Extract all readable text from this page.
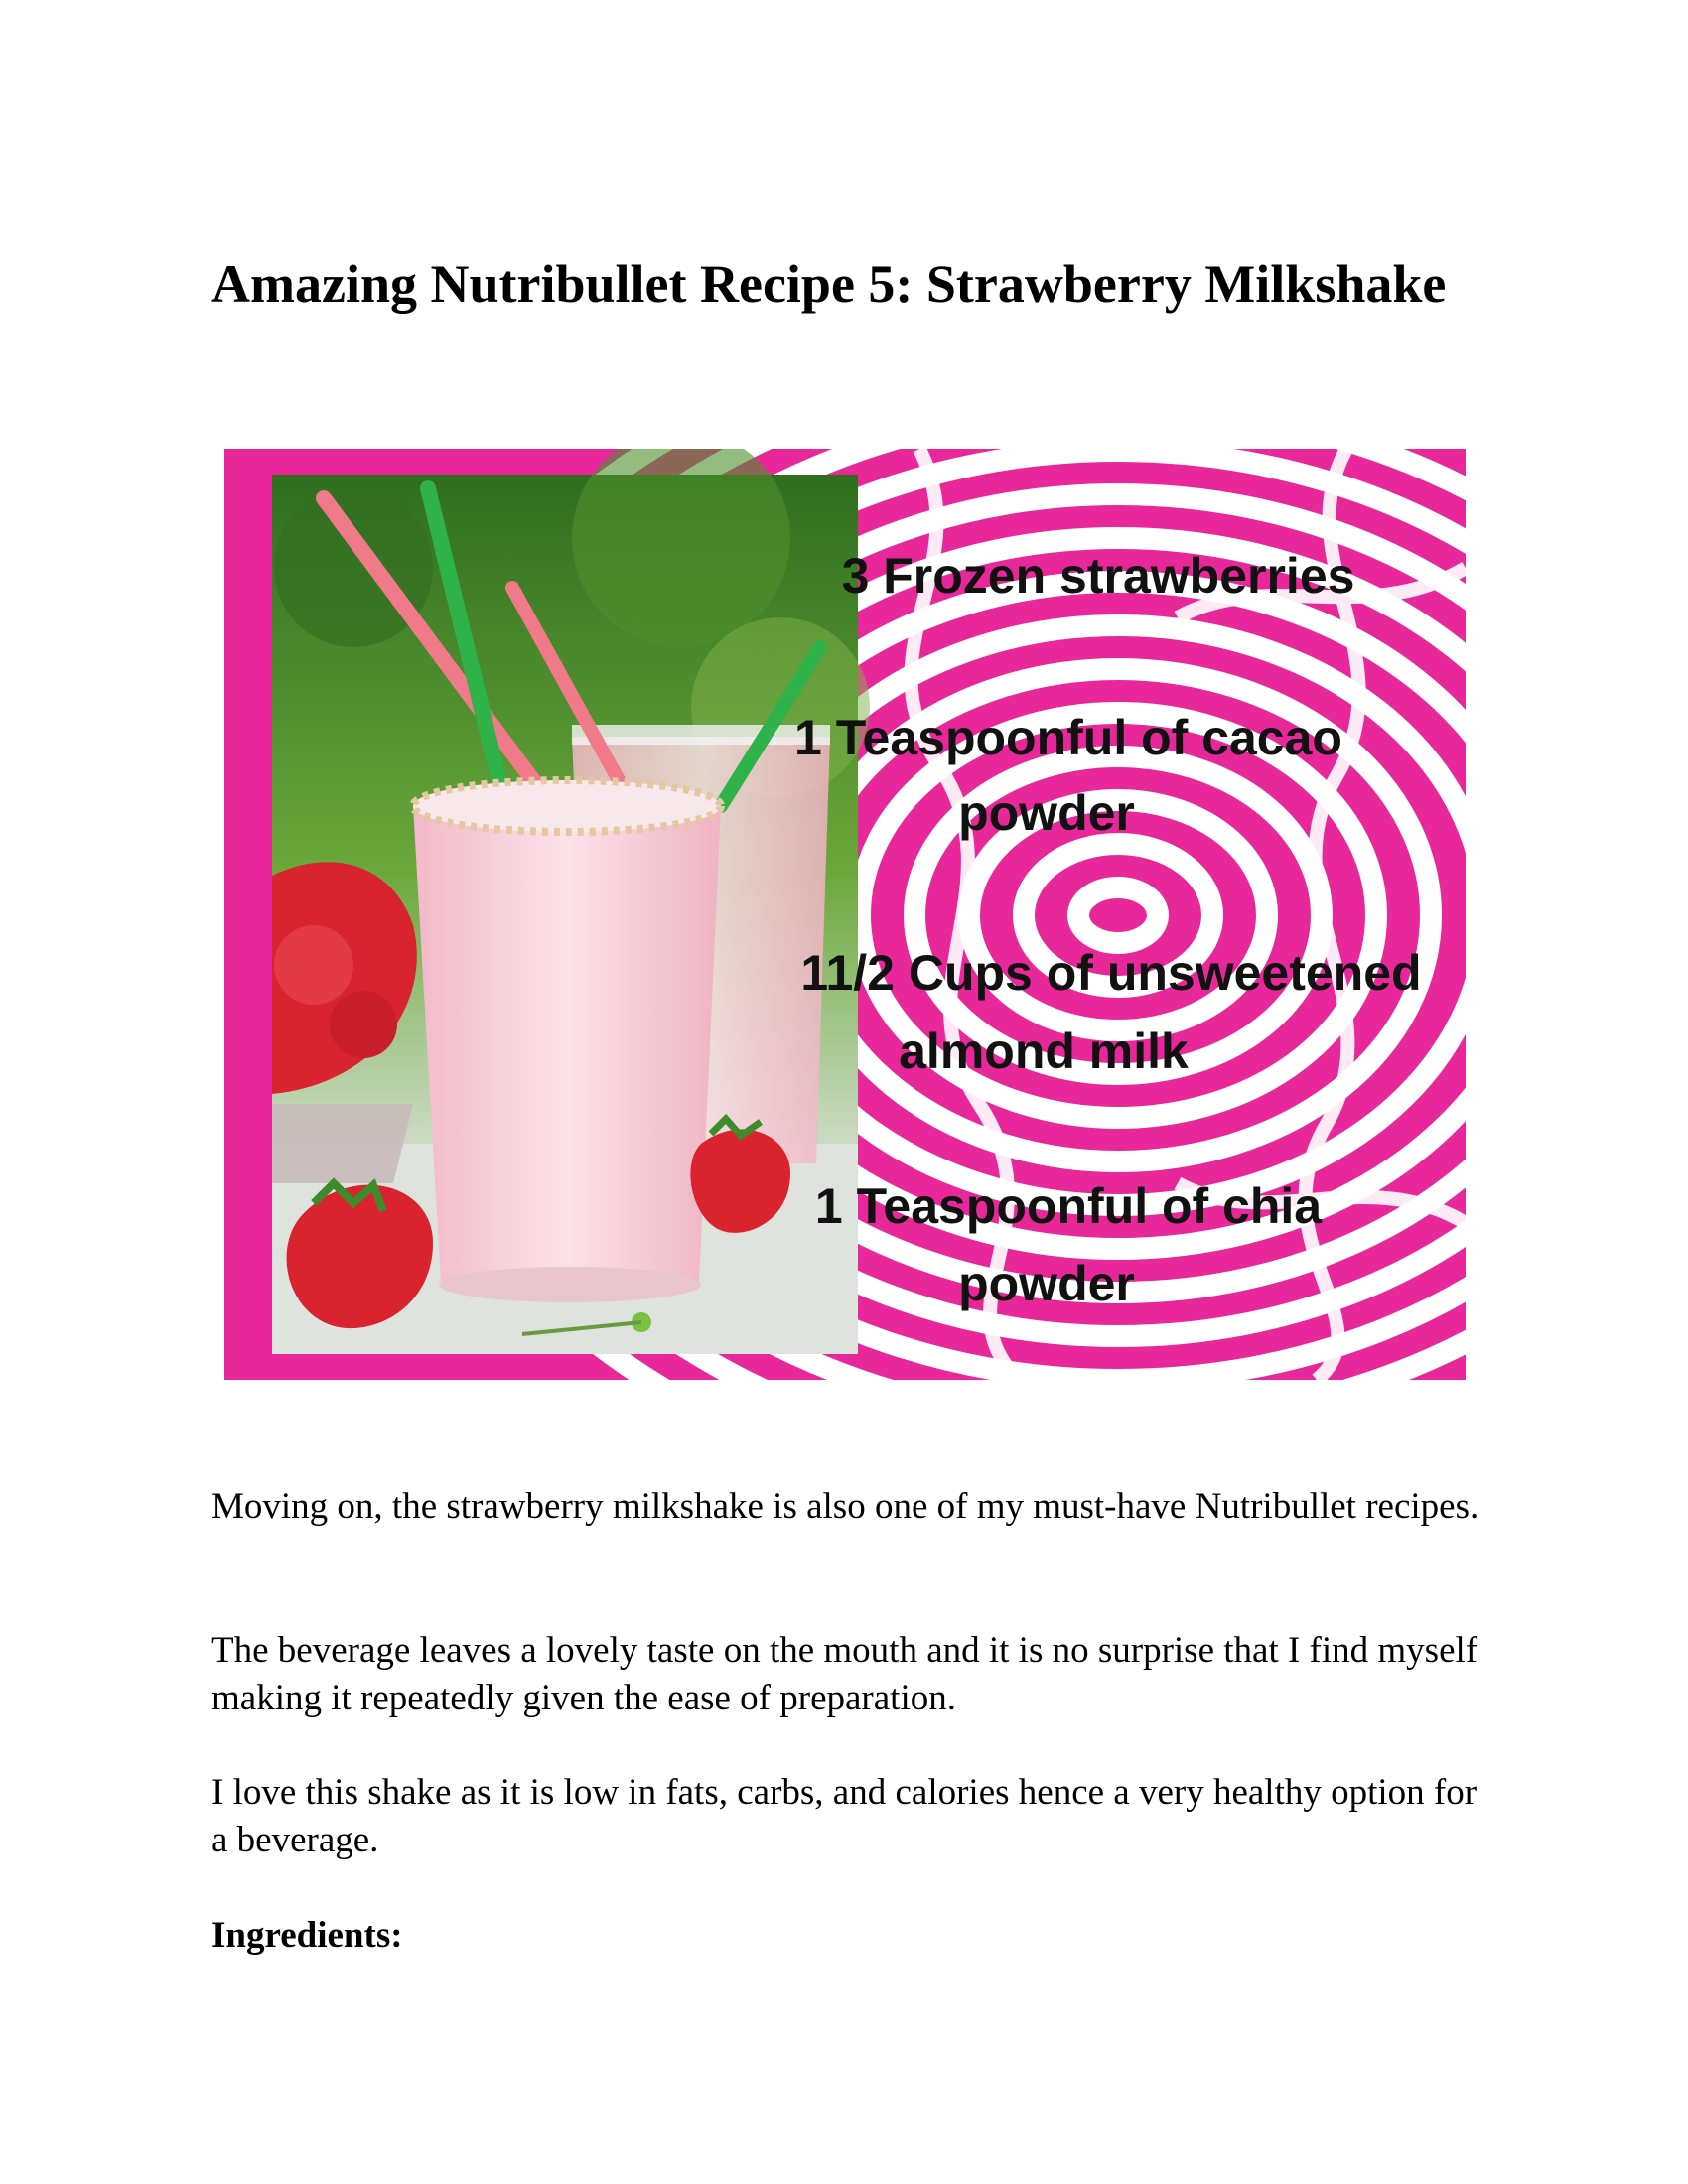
Amazing Nutribullet Recipe 5: Strawberry Milkshake
3 Frozen strawberries
1 Teaspoonful of cacao
powder
11/2 Cups of unsweetened
almond milk
1 Teaspoonful of chia
powder

Moving on, the strawberry milkshake is also one of my must-have Nutribullet recipes.

The beverage leaves a lovely taste on the mouth and it is no surprise that I find myself making it repeatedly given the ease of preparation.

I love this shake as it is low in fats, carbs, and calories hence a very healthy option for a beverage.

Ingredients:
